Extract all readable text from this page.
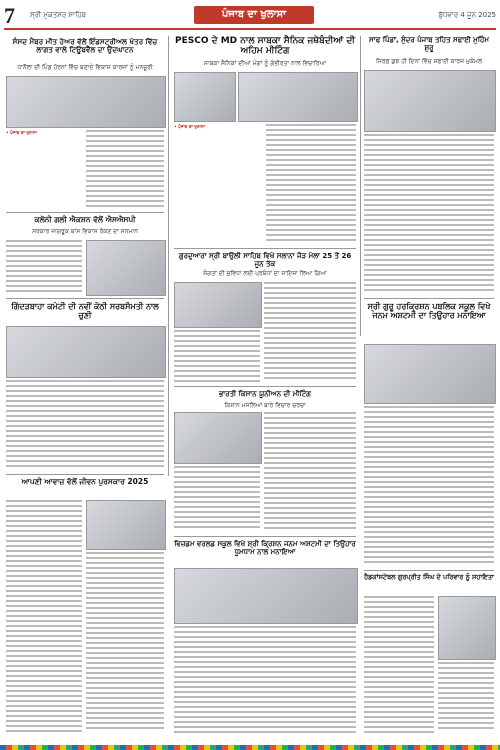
7 ਸ੍ਰੀ ਮੁਕਤਸਰ ਸਾਹਿਬ	ਪੰਜਾਬ ਦਾ ਖੁਲਾਸਾ	ਬੁੱਧਵਾਰ 4 ਜੂਨ 2025
ਸੰਸਦ ਮੈਂਬਰ ਮੀਤ ਹੇਅਰ ਵੱਲੋਂ ਇੰਡਸਟ੍ਰੀਅਲ ਖੇਤਰ ਵਿੱਚ ਲਾਗਤ ਵਾਲੇ ਟਿਊਬਵੈੱਲ ਦਾ ਉਦਘਾਟਨ
ਧਾਨੌਲਾ ਦੀ ਪਿੰਡ ਹੋਰਨਾਂ ਵਿੱਚ ਬਣਾਏ ਵਿਕਾਸ ਕਾਰਜਾਂ ਨੂੰ ਮਨਜ਼ੂਰੀ
• ਪੰਜਾਬ ਦਾ ਖੁਲਾਸਾ
PESCO ਦੇ MD ਨਾਲ ਸਾਬਕਾ ਸੈਨਿਕ ਜਥੇਬੰਦੀਆਂ ਦੀ ਅਹਿਮ ਮੀਟਿੰਗ
ਸਾਬਕਾ ਸੈਨਿਕਾਂ ਦੀਆਂ ਮੰਗਾਂ ਨੂੰ ਗੰਭੀਰਤਾ ਨਾਲ ਵਿਚਾਰਿਆ
• ਪੰਜਾਬ ਦਾ ਖੁਲਾਸਾ
ਸਾਫ ਪਿੰਡਾਂ, ਸੁੰਦਰ ਪੰਜਾਬ ਤਹਿਤ ਸਫਾਈ ਮੁਹਿੰਮ ਸ਼ੁਰੂ
ਸਿਰਫ਼ ਕੁਝ ਹੀ ਦਿਨਾਂ ਵਿੱਚ ਸਫਾਈ ਕਾਰਜ ਮੁਕੰਮਲ
ਕਲੋਨੀ ਗਲੀ ਐਕਸ਼ਨ ਵੱਲੋਂ ਐਸਐਸਪੀ
ਸਰਕਾਰ ਜਾਗਰੂਕ ਬਾਂਸ ਵਿਕਾਸ ਰੋਕਣ ਦਾ ਸਨਮਾਨ
ਗੁਰਦੁਆਰਾ ਸ੍ਰੀ ਬਾਉਲੀ ਸਾਹਿਬ ਵਿਖੇ ਸਲਾਨਾ ਜੋੜ ਮੇਲਾ 25 ਤੋਂ 26 ਜੂਨ ਤੱਕ
ਸੰਗਤਾਂ ਦੀ ਸੁਵਿਧਾ ਲਈ ਪ੍ਰਬੰਧਾਂ ਦਾ ਜਾਇਜ਼ਾ ਲਿਆ ਗਿਆ
ਸ੍ਰੀ ਗੁਰੂ ਹਰਕ੍ਰਿਸ਼ਨ ਪਬਲਿਕ ਸਕੂਲ ਵਿਖੇ ਜਨਮ ਅਸ਼ਟਮੀ ਦਾ ਤਿਉਹਾਰ ਮਨਾਇਆ
ਗਿੱਦੜਬਾਹਾ ਕਮੇਟੀ ਦੀ ਨਵੀਂ ਕੋਠੀ ਸਰਬਸੰਮਤੀ ਨਾਲ ਚੁਣੀ
ਭਾਰਤੀ ਕਿਸਾਨ ਯੂਨੀਅਨ ਦੀ ਮੀਟਿੰਗ
ਕਿਸਾਨ ਮਸਲਿਆਂ ਬਾਰੇ ਵਿਚਾਰ ਚਰਚਾ
ਵਿਜ਼ਡਮ ਵਰਲਡ ਸਕੂਲ ਵਿਖੇ ਸ਼੍ਰੀ ਕ੍ਰਿਸ਼ਨ ਜਨਮ ਅਸ਼ਟਮੀ ਦਾ ਤਿਉਹਾਰ ਧੂਮਧਾਮ ਨਾਲ ਮਨਾਇਆ
ਆਪਣੀ ਆਵਾਜ਼ ਵੱਲੋਂ ਜੀਵਨ ਪੁਰਸਕਾਰ 2025
ਹੈਡਕਾਂਸਟੇਬਲ ਗੁਰਪ੍ਰੀਤ ਸਿੰਘ ਦੇ ਪਰਿਵਾਰ ਨੂੰ ਸਹਾਇਤਾ
